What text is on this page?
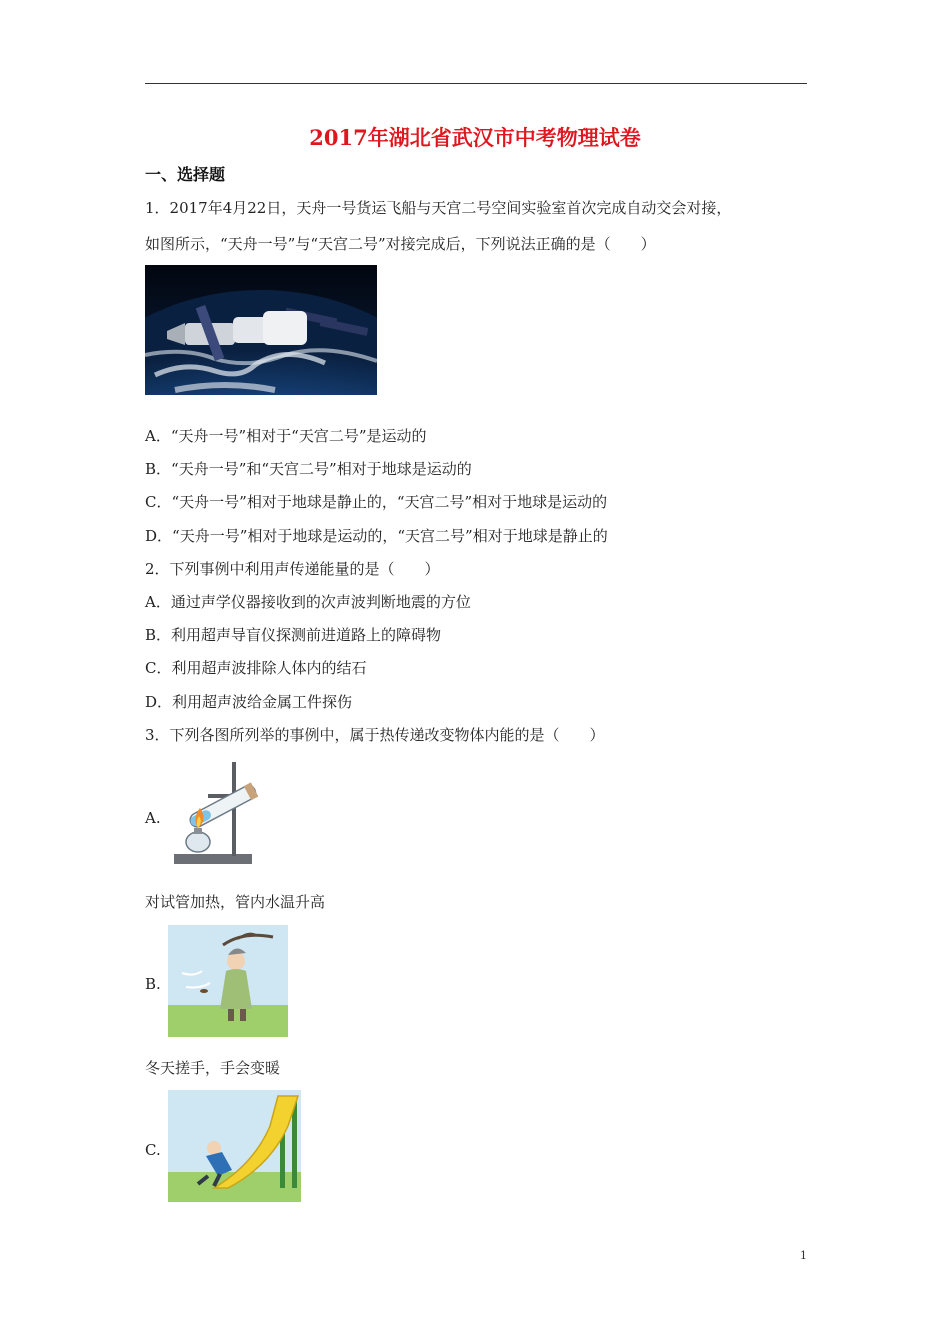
2017年湖北省武汉市中考物理试卷
一、选择题
1．2017年4月22日，天舟一号货运飞船与天宫二号空间实验室首次完成自动交会对接，
如图所示，“天舟一号”与“天宫二号”对接完成后，下列说法正确的是（　　）
A．“天舟一号”相对于“天宫二号”是运动的
B．“天舟一号”和“天宫二号”相对于地球是运动的
C．“天舟一号”相对于地球是静止的，“天宫二号”相对于地球是运动的
D．“天舟一号”相对于地球是运动的，“天宫二号”相对于地球是静止的
2．下列事例中利用声传递能量的是（　　）
A．通过声学仪器接收到的次声波判断地震的方位
B．利用超声导盲仪探测前进道路上的障碍物
C．利用超声波排除人体内的结石
D．利用超声波给金属工件探伤
3．下列各图所列举的事例中，属于热传递改变物体内能的是（　　）
A.
对试管加热，管内水温升高
B.
冬天搓手，手会变暖
C.
1
